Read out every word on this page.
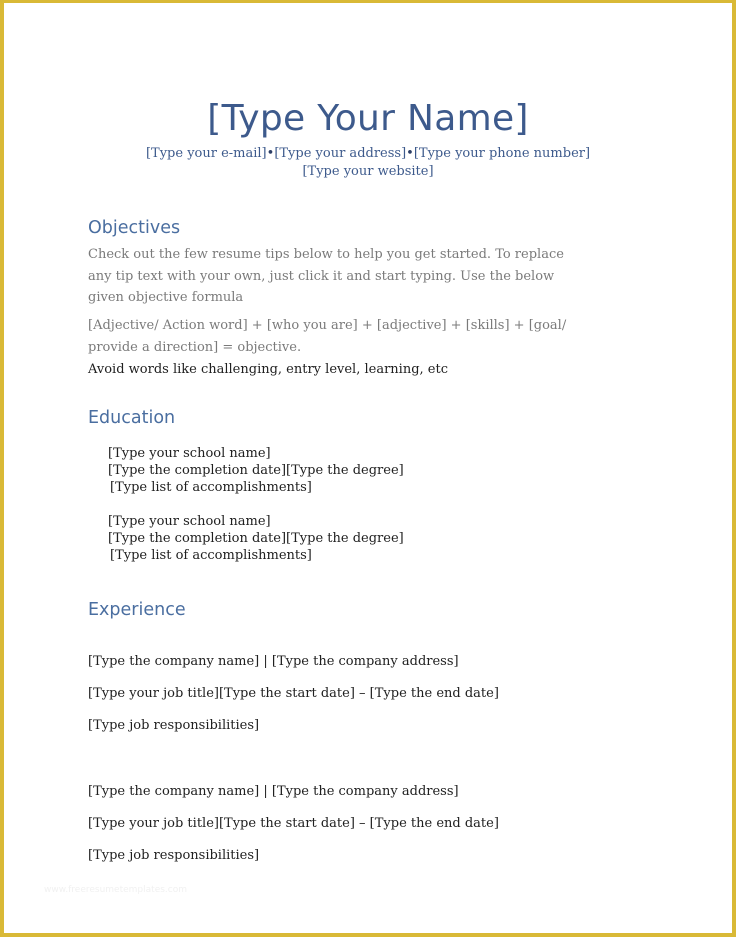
[Type Your Name]
[Type your e-mail]•[Type your address]•[Type your phone number]
[Type your website]
Objectives
Check out the few resume tips below to help you get started. To replace any tip text with your own, just click it and start typing. Use the below given objective formula
[Adjective/ Action word] + [who you are] + [adjective] + [skills] + [goal/ provide a direction] = objective.
Avoid words like challenging, entry level, learning, etc
Education
[Type your school name]
[Type the completion date][Type the degree]
[Type list of accomplishments]
[Type your school name]
[Type the completion date][Type the degree]
[Type list of accomplishments]
Experience
[Type the company name] | [Type the company address]
[Type your job title][Type the start date] – [Type the end date]
[Type job responsibilities]
[Type the company name] | [Type the company address]
[Type your job title][Type the start date] – [Type the end date]
[Type job responsibilities]
www.freeresumetemplates.com
